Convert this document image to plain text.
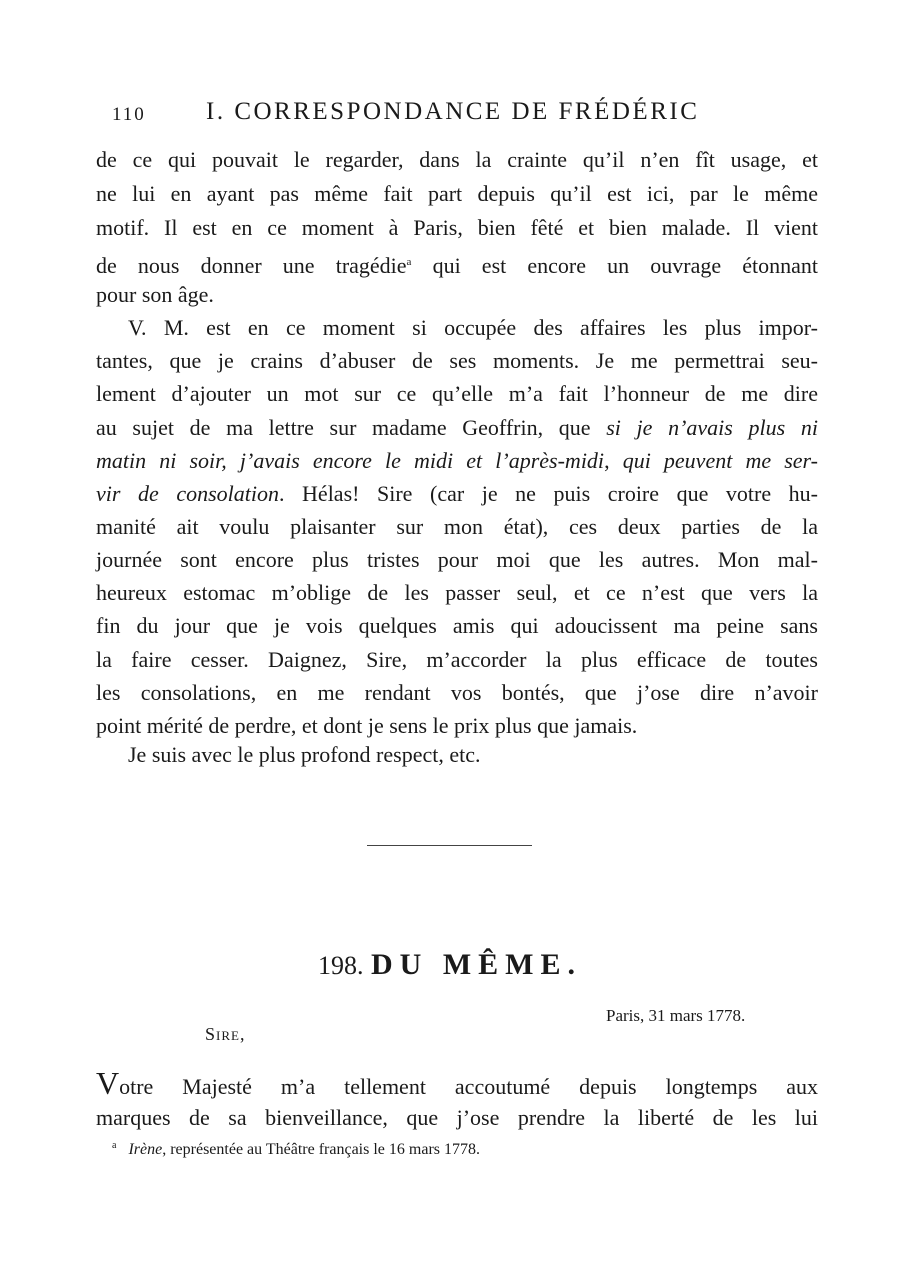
110 I. CORRESPONDANCE DE FRÉDÉRIC
de ce qui pouvait le regarder, dans la crainte qu’il n’en fît usage, et
ne lui en ayant pas même fait part depuis qu’il est ici, par le même
motif. Il est en ce moment à Paris, bien fêté et bien malade. Il vient
de nous donner une tragédie$^a$ qui est encore un ouvrage étonnant
pour son âge.
V. M. est en ce moment si occupée des affaires les plus impor-
tantes, que je crains d’abuser de ses moments. Je me permettrai seu-
lement d’ajouter un mot sur ce qu’elle m’a fait l’honneur de me dire
au sujet de ma lettre sur madame Geoffrin, que si je n’avais plus ni
matin ni soir, j’avais encore le midi et l’après-midi, qui peuvent me ser-
vir de consolation. Hélas! Sire (car je ne puis croire que votre hu-
manité ait voulu plaisanter sur mon état), ces deux parties de la
journée sont encore plus tristes pour moi que les autres. Mon mal-
heureux estomac m’oblige de les passer seul, et ce n’est que vers la
fin du jour que je vois quelques amis qui adoucissent ma peine sans
la faire cesser. Daignez, Sire, m’accorder la plus efficace de toutes
les consolations, en me rendant vos bontés, que j’ose dire n’avoir
point mérité de perdre, et dont je sens le prix plus que jamais.
Je suis avec le plus profond respect, etc.
198. DU MÊME.
Paris, 31 mars 1778.
Sire,
Votre Majesté m’a tellement accoutumé depuis longtemps aux
marques de sa bienveillance, que j’ose prendre la liberté de les lui
$^a$ Irène, représentée au Théâtre français le 16 mars 1778.
